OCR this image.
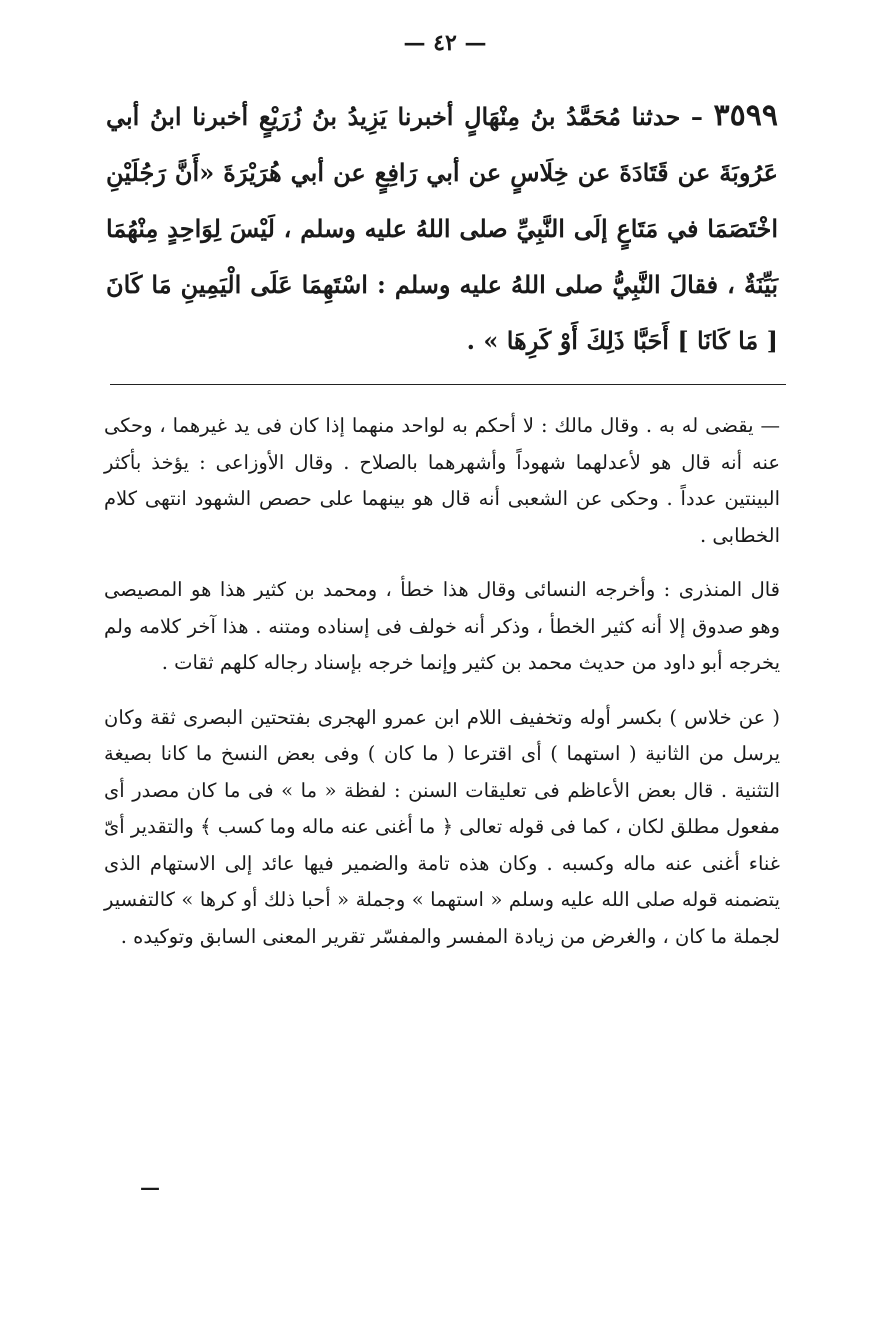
— ٤٢ —
٣٥٩٩ – حدثنا مُحَمَّدُ بنُ مِنْهَالٍ أخبرنا يَزِيدُ بنُ زُرَيْعٍ أخبرنا ابنُ أبي عَرُوبَةَ عن قَتَادَةَ عن خِلَاسٍ عن أبي رَافِعٍ عن أبي هُرَيْرَةَ «أَنَّ رَجُلَيْنِ اخْتَصَمَا في مَتَاعٍ إلَى النَّبِيِّ صلى اللهُ عليه وسلم ، لَيْسَ لِوَاحِدٍ مِنْهُمَا بَيِّنَةٌ ، فقالَ النَّبِيُّ صلى اللهُ عليه وسلم : اسْتَهِمَا عَلَى الْيَمِينِ مَا كَانَ [ مَا كَانَا ] أَحَبَّا ذَلِكَ أَوْ كَرِهَا » .

— يقضى له به . وقال مالك : لا أحكم به لواحد منهما إذا كان فى يد غيرهما ، وحكى عنه أنه قال هو لأعدلهما شهوداً وأشهرهما بالصلاح . وقال الأوزاعى : يؤخذ بأكثر البينتين عدداً . وحكى عن الشعبى أنه قال هو بينهما على حصص الشهود انتهى كلام الخطابى .

قال المنذرى : وأخرجه النسائى وقال هذا خطأ ، ومحمد بن كثير هذا هو المصيصى وهو صدوق إلا أنه كثير الخطأ ، وذكر أنه خولف فى إسناده ومتنه . هذا آخر كلامه ولم يخرجه أبو داود من حديث محمد بن كثير وإنما خرجه بإسناد رجاله كلهم ثقات .

( عن خلاس ) بكسر أوله وتخفيف اللام ابن عمرو الهجرى بفتحتين البصرى ثقة وكان يرسل من الثانية ( استهما ) أى اقترعا ( ما كان ) وفى بعض النسخ ما كانا بصيغة التثنية . قال بعض الأعاظم فى تعليقات السنن : لفظة « ما » فى ما كان مصدر أى مفعول مطلق لكان ، كما فى قوله تعالى ﴿ ما أغنى عنه ماله وما كسب ﴾ والتقدير أىّ غناء أغنى عنه ماله وكسبه . وكان هذه تامة والضمير فيها عائد إلى الاستهام الذى يتضمنه قوله صلى الله عليه وسلم « استهما » وجملة « أحبا ذلك أو كرها » كالتفسير لجملة ما كان ، والغرض من زيادة المفسر والمفسّر تقرير المعنى السابق وتوكيده .

—
